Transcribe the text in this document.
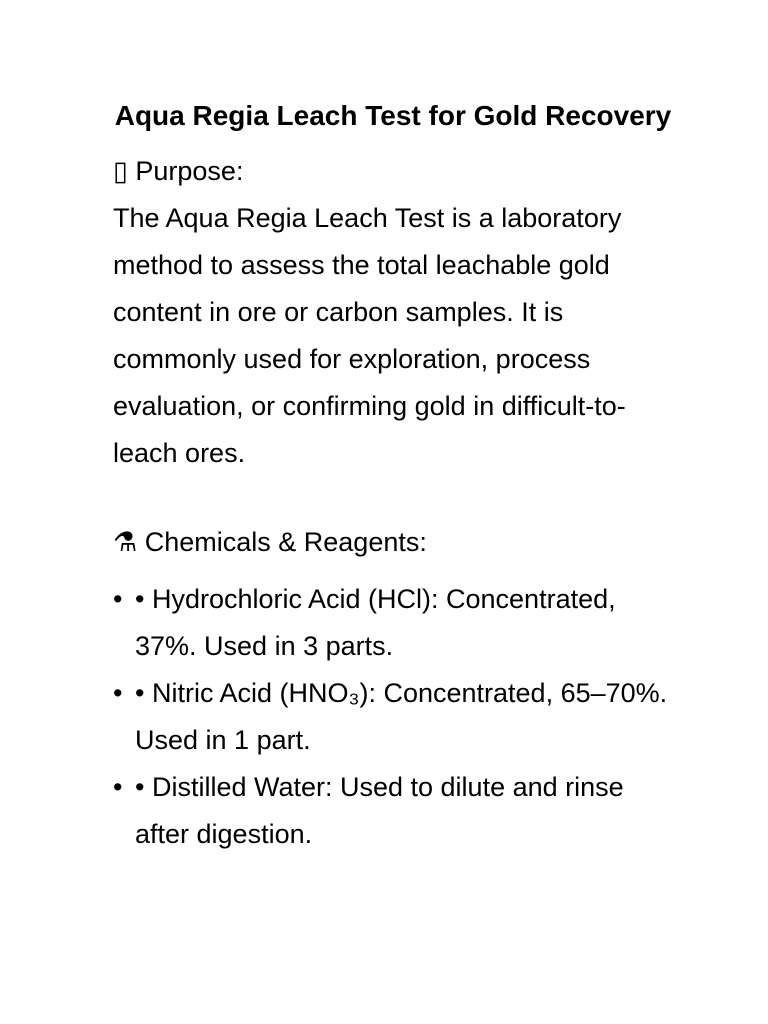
Aqua Regia Leach Test for Gold Recovery

▯ Purpose:

The Aqua Regia Leach Test is a laboratory method to assess the total leachable gold content in ore or carbon samples. It is commonly used for exploration, process evaluation, or confirming gold in difficult-to-leach ores.

⚗ Chemicals & Reagents:

• • Hydrochloric Acid (HCl): Concentrated, 37%. Used in 3 parts.
• • Nitric Acid (HNO₃): Concentrated, 65–70%. Used in 1 part.
• • Distilled Water: Used to dilute and rinse after digestion.
